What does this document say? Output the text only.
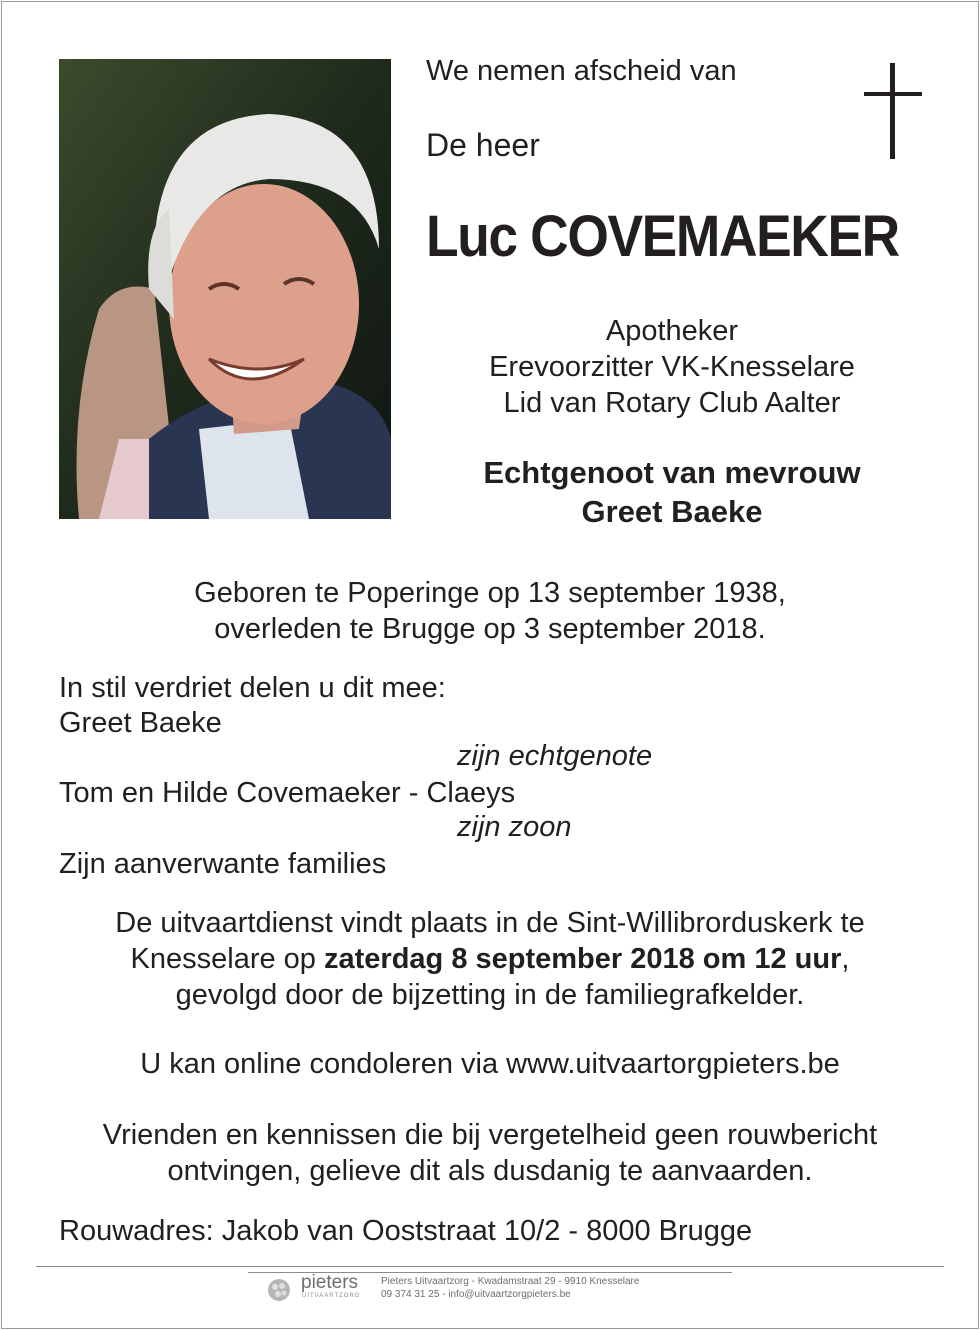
We nemen afscheid van
De heer
Luc COVEMAEKER
Apotheker
Erevoorzitter VK-Knesselare
Lid van Rotary Club Aalter
Echtgenoot van mevrouw
Greet Baeke
Geboren te Poperinge op 13 september 1938,
overleden te Brugge op 3 september 2018.
In stil verdriet delen u dit mee:
Greet Baeke
zijn echtgenote
Tom en Hilde Covemaeker - Claeys
zijn zoon
Zijn aanverwante families
De uitvaartdienst vindt plaats in de Sint-Willibrorduskerk te
Knesselare op zaterdag 8 september 2018 om 12 uur,
gevolgd door de bijzetting in de familiegrafkelder.
U kan online condoleren via www.uitvaartorgpieters.be
Vrienden en kennissen die bij vergetelheid geen rouwbericht
ontvingen, gelieve dit als dusdanig te aanvaarden.
Rouwadres: Jakob van Ooststraat 10/2 - 8000 Brugge
pieters
UITVAARTZORG
Pieters Uitvaartzorg - Kwadamstraat 29 - 9910 Knesselare
09 374 31 25 - info@uitvaartzorgpieters.be
